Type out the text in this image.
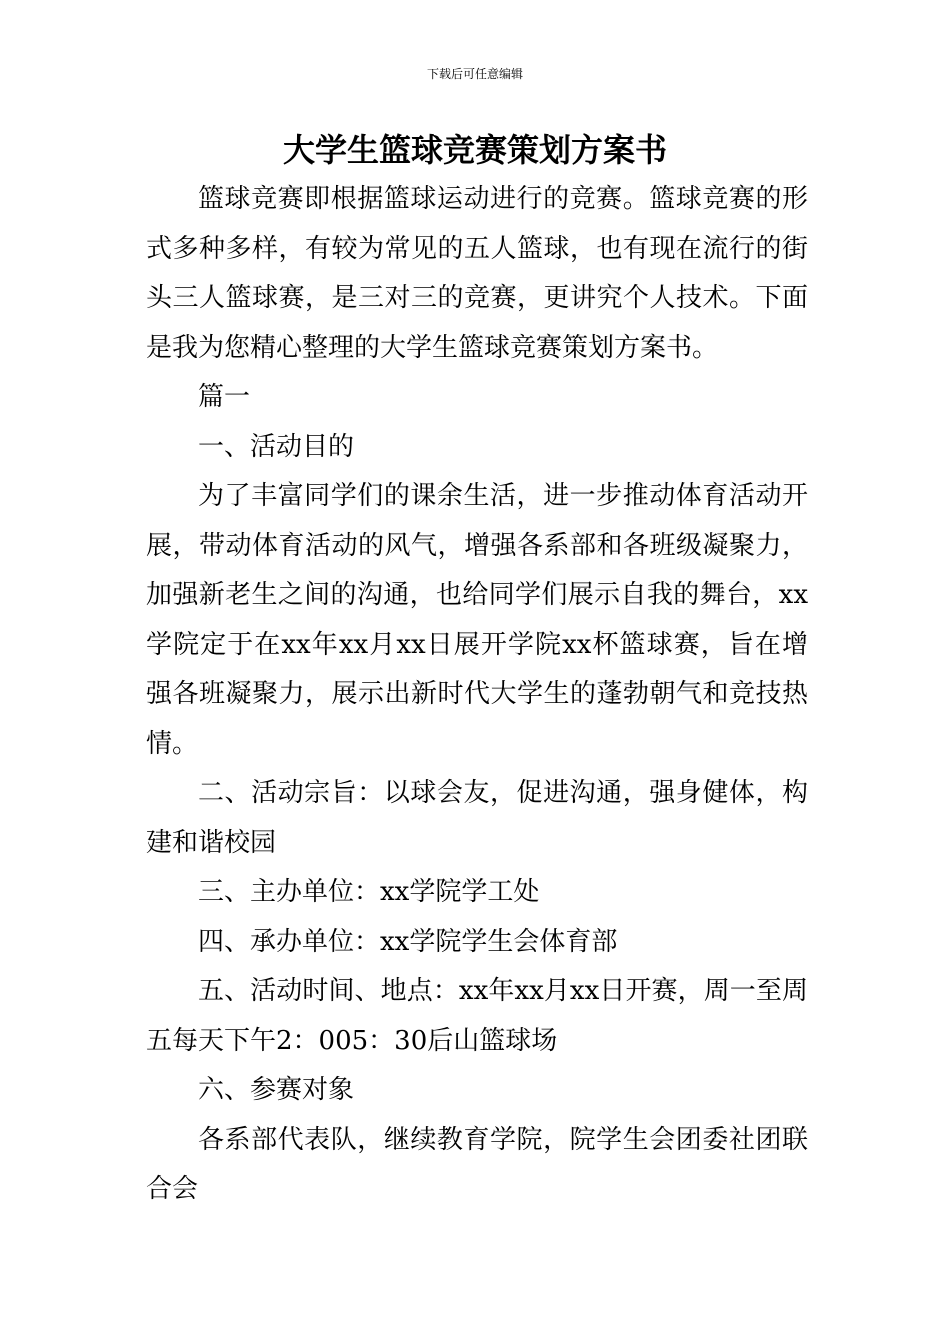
下载后可任意编辑
大学生篮球竞赛策划方案书

篮球竞赛即根据篮球运动进行的竞赛。篮球竞赛的形式多种多样，有较为常见的五人篮球，也有现在流行的街头三人篮球赛，是三对三的竞赛，更讲究个人技术。下面是我为您精心整理的大学生篮球竞赛策划方案书。

篇一

一、活动目的

为了丰富同学们的课余生活，进一步推动体育活动开展，带动体育活动的风气，增强各系部和各班级凝聚力，加强新老生之间的沟通，也给同学们展示自我的舞台，xx学院定于在xx年xx月xx日展开学院xx杯篮球赛，旨在增强各班凝聚力，展示出新时代大学生的蓬勃朝气和竞技热情。

二、活动宗旨：以球会友，促进沟通，强身健体，构建和谐校园

三、主办单位：xx学院学工处

四、承办单位：xx学院学生会体育部

五、活动时间、地点：xx年xx月xx日开赛，周一至周五每天下午2：005：30后山篮球场

六、参赛对象

各系部代表队，继续教育学院，院学生会团委社团联合会
